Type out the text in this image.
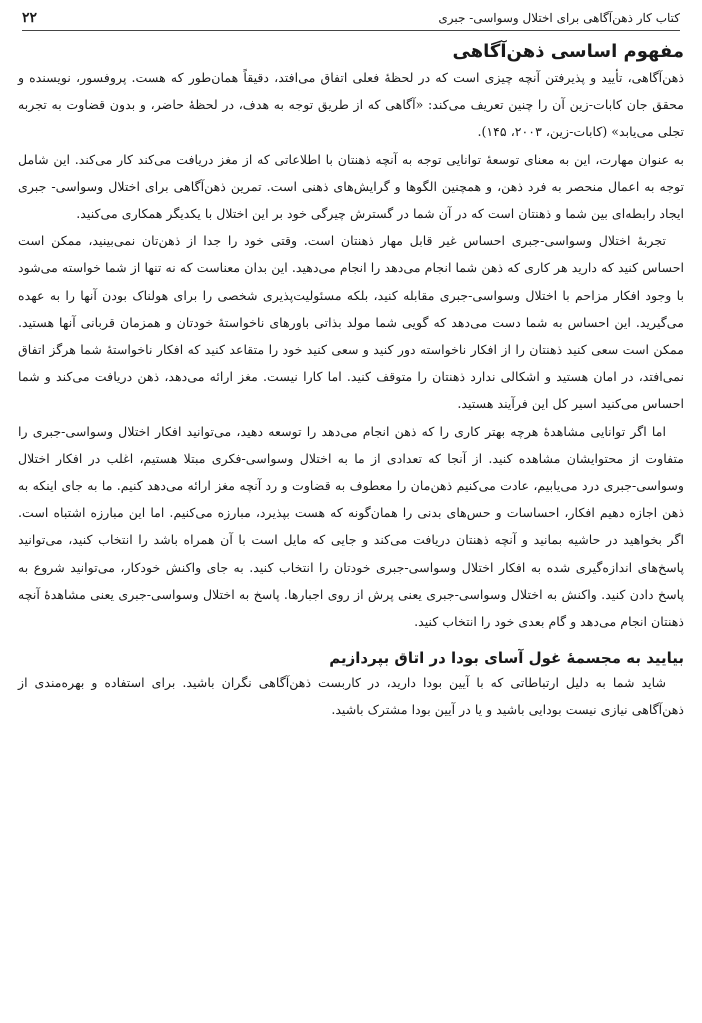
کتاب کار ذهن‌آگاهی برای اختلال وسواسی- جبری
۲۲
مفهوم اساسی ذهن‌آگاهی

ذهن‌آگاهی، تأیید و پذیرفتن آنچه چیزی است که در لحظۀ فعلی اتفاق می‌افتد، دقیقاً همان‌طور که هست. پروفسور، نویسنده و محقق جان کابات-زین آن را چنین تعریف می‌کند: «آگاهی که از طریق توجه به هدف، در لحظۀ حاضر، و بدون قضاوت به تجربه تجلی می‌یابد» (کابات-زین، ۲۰۰۳، ۱۴۵).

به عنوان مهارت، این به معنای توسعۀ توانایی توجه به آنچه ذهنتان با اطلاعاتی که از مغز دریافت می‌کند کار می‌کند. این شامل توجه به اعمال منحصر به فرد ذهن، و همچنین الگوها و گرایش‌های ذهنی است. تمرین ذهن‌آگاهی برای اختلال وسواسی- جبری ایجاد رابطه‌ای بین شما و ذهنتان است که در آن شما در گسترش چیرگی خود بر این اختلال با یکدیگر همکاری می‌کنید.

تجربۀ اختلال وسواسی-جبری احساس غیر قابل مهار ذهنتان است. وقتی خود را جدا از ذهن‌تان نمی‌بینید، ممکن است احساس کنید که دارید هر کاری که ذهن شما انجام می‌دهد را انجام می‌دهید. این بدان معناست که نه تنها از شما خواسته می‌شود با وجود افکار مزاحم با اختلال وسواسی-جبری مقابله کنید، بلکه مسئولیت‌پذیری شخصی را برای هولناک بودن آنها را به عهده می‌گیرید. این احساس به شما دست می‌دهد که گویی شما مولد بذاتی باورهای ناخواستۀ خودتان و همزمان قربانی آنها هستید. ممکن است سعی کنید ذهنتان را از افکار ناخواسته دور کنید و سعی کنید خود را متقاعد کنید که افکار ناخواستۀ شما هرگز اتفاق نمی‌افتد، در امان هستید و اشکالی ندارد ذهنتان را متوقف کنید. اما کارا نیست. مغز ارائه می‌دهد، ذهن دریافت می‌کند و شما احساس می‌کنید اسیر کل این فرآیند هستید.

اما اگر توانایی مشاهدۀ هرچه بهتر کاری را که ذهن انجام می‌دهد را توسعه دهید، می‌توانید افکار اختلال وسواسی-جبری را متفاوت از محتوایشان مشاهده کنید. از آنجا که تعدادی از ما به اختلال وسواسی-فکری مبتلا هستیم، اغلب در افکار اختلال وسواسی-جبری درد می‌یابیم، عادت می‌کنیم ذهن‌مان را معطوف به قضاوت و رد آنچه مغز ارائه می‌دهد کنیم. ما به جای اینکه به ذهن اجازه دهیم افکار، احساسات و حس‌های بدنی را همان‌گونه که هست بپذیرد، مبارزه می‌کنیم. اما این مبارزه اشتباه است. اگر بخواهید در حاشیه بمانید و آنچه ذهنتان دریافت می‌کند و جایی که مایل است با آن همراه باشد را انتخاب کنید، می‌توانید پاسخ‌های اندازه‌گیری شده به افکار اختلال وسواسی-جبری خودتان را انتخاب کنید. به جای واکنش خودکار، می‌توانید شروع به پاسخ دادن کنید. واکنش به اختلال وسواسی-جبری یعنی پرش از روی اجبارها. پاسخ به اختلال وسواسی-جبری یعنی مشاهدۀ آنچه ذهنتان انجام می‌دهد و گام بعدی خود را انتخاب کنید.

بیایید به مجسمۀ غول آسای بودا در اتاق بپردازیم

شاید شما به دلیل ارتباطاتی که با آیین بودا دارید، در کاربست ذهن‌آگاهی نگران باشید. برای استفاده و بهره‌مندی از ذهن‌آگاهی نیازی نیست بودایی باشید و یا در آیین بودا مشترک باشید.
